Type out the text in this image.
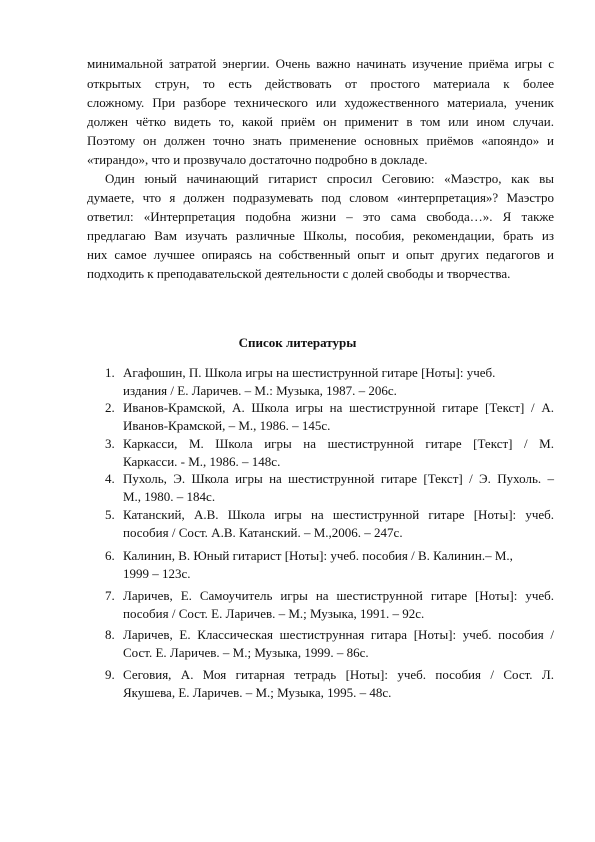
минимальной затратой энергии. Очень важно начинать изучение приёма игры с
открытых струн, то есть действовать от простого материала к более
сложному. При разборе технического или художественного материала, ученик
должен чётко видеть то, какой приём он применит в том или ином случаи.
Поэтому он должен точно знать применение основных приёмов «апояндо» и
«тирандо», что и прозвучало достаточно подробно в докладе.
Один юный начинающий гитарист спросил Сеговию: «Маэстро, как вы
думаете, что я должен подразумевать под словом «интерпретация»? Маэстро
ответил: «Интерпретация подобна жизни – это сама свобода…». Я также
предлагаю Вам изучать различные Школы, пособия, рекомендации, брать из
них самое лучшее опираясь на собственный опыт и опыт других педагогов и
подходить к преподавательской деятельности с долей свободы и творчества.
Список литературы
1. Агафошин, П. Школа игры на шестиструнной гитаре [Ноты]: учеб.
издания / Е. Ларичев. – М.: Музыка, 1987. – 206с.
2. Иванов-Крамской, А. Школа игры на шестиструнной гитаре [Текст] / А.
Иванов-Крамской, – М., 1986. – 145с.
3. Каркасси, М. Школа игры на шестиструнной гитаре [Текст] / М.
Каркасси. - М., 1986. – 148с.
4. Пухоль, Э. Школа игры на шестиструнной гитаре [Текст] / Э. Пухоль. –
М., 1980. – 184с.
5. Катанский, А.В. Школа игры на шестиструнной гитаре [Ноты]: учеб.
пособия / Сост. А.В. Катанский. – М.,2006. – 247с.
6. Калинин, В. Юный гитарист [Ноты]: учеб. пособия / В. Калинин.– М.,
1999 – 123с.
7. Ларичев, Е. Самоучитель игры на шестиструнной гитаре [Ноты]: учеб.
пособия / Сост. Е. Ларичев. – М.; Музыка, 1991. – 92с.
8. Ларичев, Е. Классическая шестиструнная гитара [Ноты]: учеб. пособия /
Сост. Е. Ларичев. – М.; Музыка, 1999. – 86с.
9. Сеговия, А. Моя гитарная тетрадь [Ноты]: учеб. пособия / Сост. Л.
Якушева, Е. Ларичев. – М.; Музыка, 1995. – 48с.
